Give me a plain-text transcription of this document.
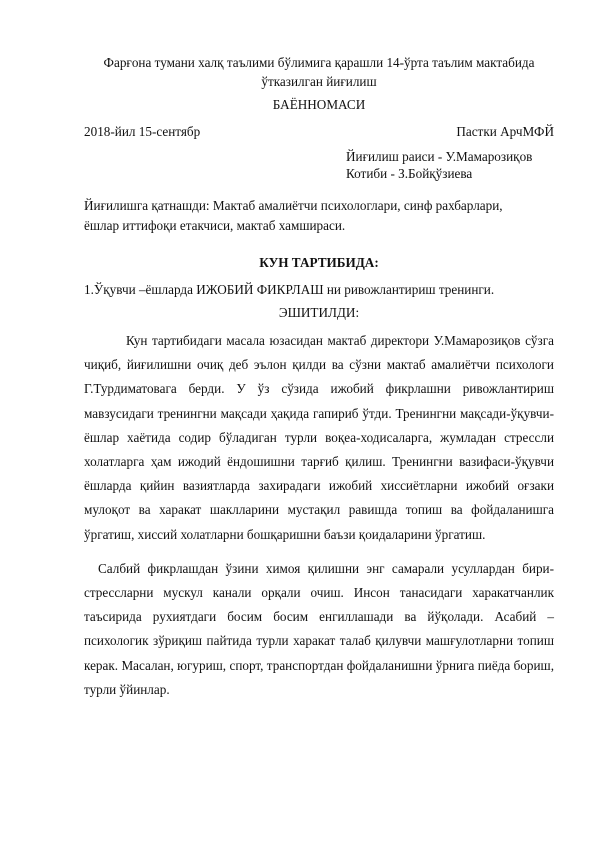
Фарғона тумани халқ таълими бўлимига қарашли 14-ўрта таълим мактабида
ўтказилган йиғилиш
БАЁННОМАСИ
2018-йил 15-сентябр	Пастки АрчМФЙ
Йиғилиш раиси - У.Мамарозиқов
Котиби - З.Бойқўзиева
Йиғилишга қатнашди: Мактаб амалиётчи психологлари, синф рахбарлари,
ёшлар иттифоқи етакчиси, мактаб хамшираси.
КУН ТАРТИБИДА:
1.Ўқувчи –ёшларда ИЖОБИЙ ФИКРЛАШ ни ривожлантириш тренинги.
ЭШИТИЛДИ:

Кун тартибидаги масала юзасидан мактаб директори У.Мамарозиқов сўзга чиқиб, йиғилишни очиқ деб эълон қилди ва сўзни мактаб амалиётчи психологи Г.Турдиматовага берди. У ўз сўзида ижобий фикрлашни ривожлантириш мавзусидаги тренингни мақсади ҳақида гапириб ўтди. Тренингни мақсади-ўқувчи-ёшлар хаётида содир бўладиган турли воқеа-ходисаларга, жумладан стрессли холатларга ҳам ижодий ёндошишни тарғиб қилиш. Тренингни вазифаси-ўқувчи ёшларда қийин вазиятларда захирадаги ижобий хиссиётларни ижобий оғзаки мулоқот ва харакат шаклларини мустақил равишда топиш ва фойдаланишга ўргатиш, хиссий холатларни бошқаришни баъзи қоидаларини ўргатиш.

Салбий фикрлашдан ўзини химоя қилишни энг самарали усуллардан бири-стрессларни мускул канали орқали очиш. Инсон танасидаги харакатчанлик таъсирида рухиятдаги босим босим енгиллашади ва йўқолади. Асабий – психологик зўриқиш пайтида турли харакат талаб қилувчи машғулотларни топиш керак. Масалан, югуриш, спорт, транспортдан фойдаланишни ўрнига пиёда бориш, турли ўйинлар.
